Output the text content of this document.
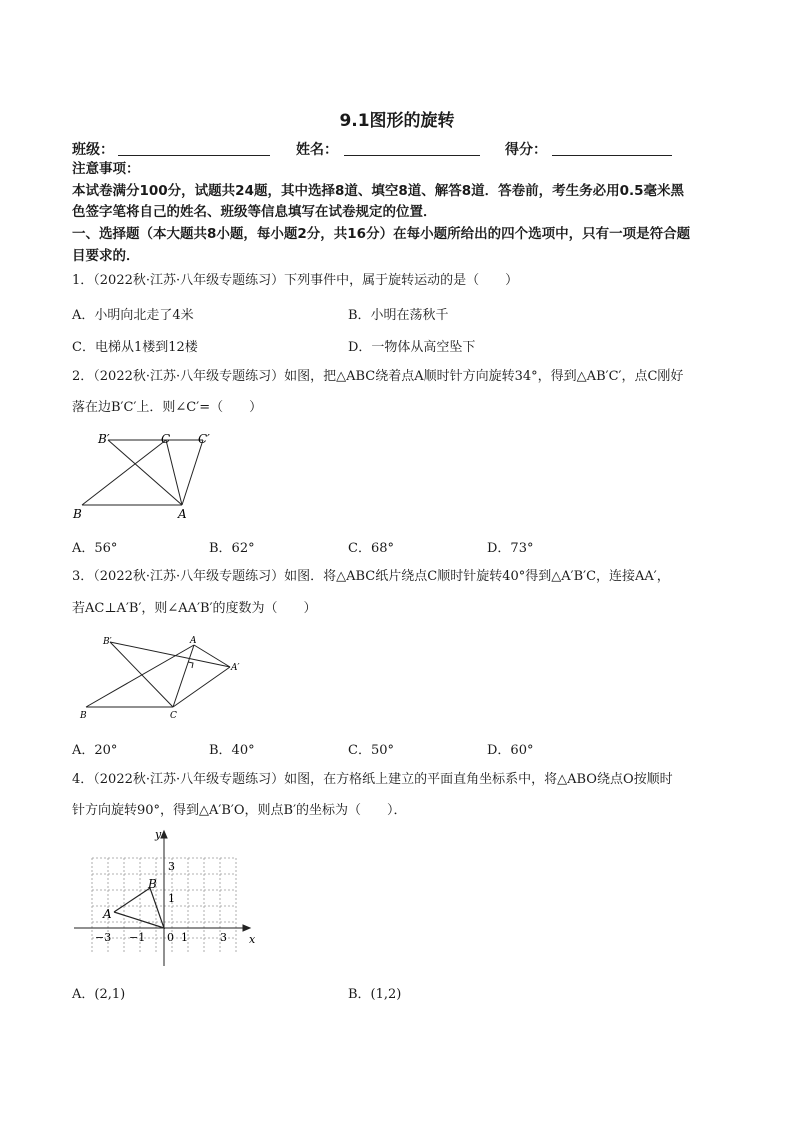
9.1图形的旋转
班级：	姓名：	得分：
注意事项：
本试卷满分100分，试题共24题，其中选择8道、填空8道、解答8道．答卷前，考生务必用0.5毫米黑
色签字笔将自己的姓名、班级等信息填写在试卷规定的位置．
一、选择题（本大题共8小题，每小题2分，共16分）在每小题所给出的四个选项中，只有一项是符合题
目要求的．
1．（2022秋·江苏·八年级专题练习）下列事件中，属于旋转运动的是（　　）
A．小明向北走了4米	B．小明在荡秋千
C．电梯从1楼到12楼	D．一物体从高空坠下
2．（2022秋·江苏·八年级专题练习）如图，把△ABC绕着点A顺时针方向旋转34°，得到△AB′C′，点C刚好
落在边B′C′上．则∠C′=（　　）
B′	C C′
B	A
A．56°	B．62°	C．68°	D．73°
3．（2022秋·江苏·八年级专题练习）如图．将△ABC纸片绕点C顺时针旋转40°得到△A′B′C，连接AA′，
若AC⊥A′B′，则∠AA′B′的度数为（　　）
B′	A
A′
B	C
A．20°	B．40°	C．50°	D．60°
4．（2022秋·江苏·八年级专题练习）如图，在方格纸上建立的平面直角坐标系中，将△ABO绕点O按顺时
针方向旋转90°，得到△A′B′O，则点B′的坐标为（　　）．
y
x
3
1
B
A
−3 −1 0 1	3
A．(2,1)	B．(1,2)
